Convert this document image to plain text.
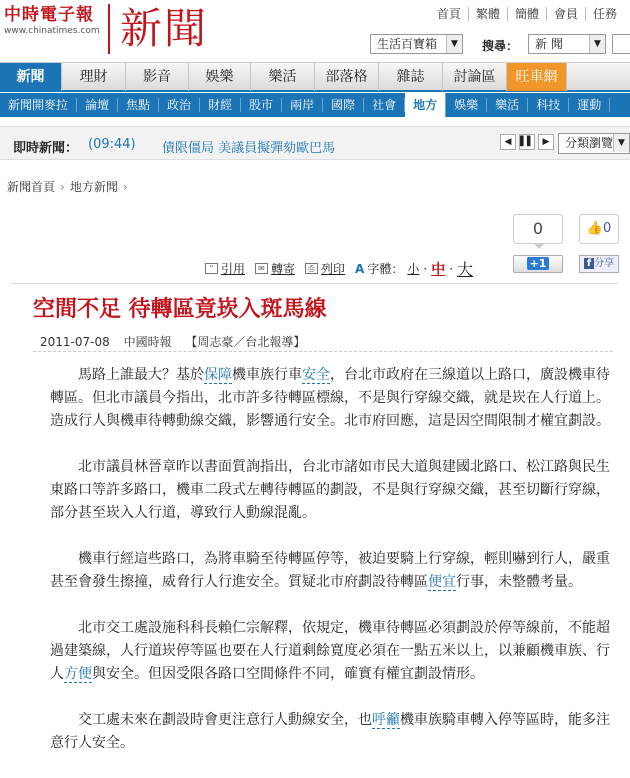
中時電子報
www.chinatimes.com 新聞	首頁	繁體	簡體	會員	任務
生活百寶箱	▼	搜尋：	新 聞	▼
新聞	理財	影音	娛樂	樂活	部落格	雜誌	討論區	旺車網
新聞開麥拉	論壇	焦點	政治	財經	股市	兩岸	國際	社會	地方	娛樂	樂活	科技	運動
即時新聞： (09:44) 債限僵局 美議員擬彈劾歐巴馬	◀ ▌▌ ▶	分類瀏覽 ▼
新聞首頁 › 地方新聞 ›
0
+1
👍0
f 分享
“ 引用	✉ 轉寄	⎙ 列印 A 字體： 小 · 中 · 大
空間不足 待轉區竟崁入斑馬線
2011-07-08 中國時報 【周志豪／台北報導】

　　馬路上誰最大？基於保障機車族行車安全，台北市政府在三線道以上路口，廣設機車待轉區。但北市議員今指出，北市許多待轉區標線，不是與行穿線交織，就是崁在人行道上。造成行人與機車待轉動線交織，影響通行安全。北市府回應，這是因空間限制才權宜劃設。

　　北市議員林晉章昨以書面質詢指出，台北市諸如市民大道與建國北路口、松江路與民生東路口等許多路口，機車二段式左轉待轉區的劃設，不是與行穿線交織，甚至切斷行穿線，部分甚至崁入人行道，導致行人動線混亂。

　　機車行經這些路口，為將車騎至待轉區停等，被迫要騎上行穿線，輕則嚇到行人，嚴重甚至會發生擦撞，威脅行人行進安全。質疑北市府劃設待轉區便宜行事，未整體考量。

　　北市交工處設施科科長賴仁宗解釋，依規定，機車待轉區必須劃設於停等線前，不能超過建築線，人行道崁停等區也要在人行道剩餘寬度必須在一點五米以上，以兼顧機車族、行人方便與安全。但因受限各路口空間條件不同，確實有權宜劃設情形。

　　交工處未來在劃設時會更注意行人動線安全，也呼籲機車族騎車轉入停等區時，能多注意行人安全。
